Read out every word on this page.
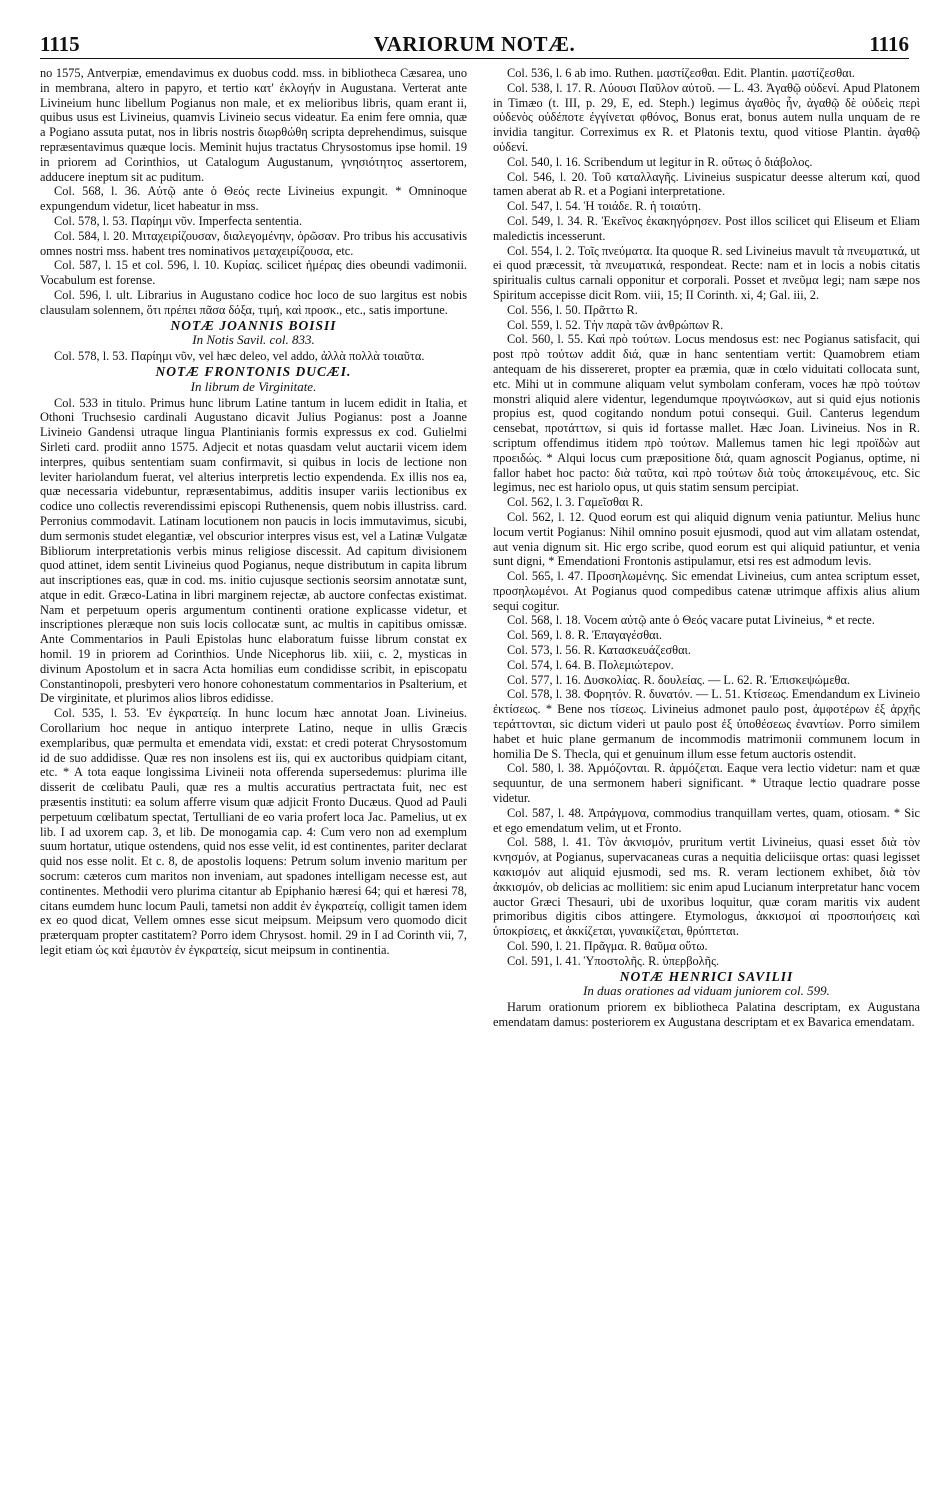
1115	VARIORUM NOTÆ.	1116

no 1575, Antverpiæ, emendavimus ex duobus codd. mss. in bibliotheca Cæsarea, uno in membrana, altero in papyro, et tertio κατ' ἐκλογήν in Augustana. Verterat ante Livineium hunc libellum Pogianus non male, et ex melioribus libris, quam erant ii, quibus usus est Livineius, quamvis Livineio secus videatur. Ea enim fere omnia, quæ a Pogiano assuta putat, nos in libris nostris διωρθώθη scripta deprehendimus, suisque repræsentavimus quæque locis. Meminit hujus tractatus Chrysostomus ipse homil. 19 in priorem ad Corinthios, ut Catalogum Augustanum, γνησιότητος assertorem, adducere ineptum sit ac puditum.

Col. 568, l. 36. Αὐτῷ ante ὁ Θεός recte Livineius expungit. * Omninoque expungendum videtur, licet habeatur in mss.

Col. 578, l. 53. Παρίημι νῦν. Imperfecta sententia.

Col. 584, l. 20. Μιταχειρίζουσαν, διαλεγομένην, ὁρῶσαν. Pro tribus his accusativis omnes nostri mss. habent tres nominativos μεταχειρίζουσα, etc.

Col. 587, l. 15 et col. 596, l. 10. Κυρίας. scilicet ἡμέρας dies obeundi vadimonii. Vocabulum est forense.

Col. 596, l. ult. Librarius in Augustano codice hoc loco de suo largitus est nobis clausulam solennem, ὅτι πρέπει πᾶσα δόξα, τιμή, καὶ προσκ., etc., satis importune.

NOTÆ JOANNIS BOISII

In Notis Savil. col. 833.

Col. 578, l. 53. Παρίημι νῦν, vel hæc deleo, vel addo, ἀλλὰ πολλὰ τοιαῦτα.

NOTÆ FRONTONIS DUCÆI.

In librum de Virginitate.

Col. 533 in titulo. Primus hunc librum Latine tantum in lucem edidit in Italia, et Othoni Truchsesio cardinali Augustano dicavit Julius Pogianus: post a Joanne Livineio Gandensi utraque lingua Plantinianis formis expressus ex cod. Gulielmi Sirleti card. prodiit anno 1575. Adjecit et notas quasdam velut auctarii vicem idem interpres, quibus sententiam suam confirmavit, si quibus in locis de lectione non leviter hariolandum fuerat, vel alterius interpretis lectio expendenda. Ex illis nos ea, quæ necessaria videbuntur, repræsentabimus, additis insuper variis lectionibus ex codice uno collectis reverendissimi episcopi Ruthenensis, quem nobis illustriss. card. Perronius commodavit. Latinam locutionem non paucis in locis immutavimus, sicubi, dum sermonis studet elegantiæ, vel obscurior interpres visus est, vel a Latinæ Vulgatæ Bibliorum interpretationis verbis minus religiose discessit. Ad capitum divisionem quod attinet, idem sentit Livineius quod Pogianus, neque distributum in capita librum aut inscriptiones eas, quæ in cod. ms. initio cujusque sectionis seorsim annotatæ sunt, atque in edit. Græco-Latina in libri marginem rejectæ, ab auctore confectas existimat. Nam et perpetuum operis argumentum continenti oratione explicasse videtur, et inscriptiones pleræque non suis locis collocatæ sunt, ac multis in capitibus omissæ. Ante Commentarios in Pauli Epistolas hunc elaboratum fuisse librum constat ex homil. 19 in priorem ad Corinthios. Unde Nicephorus lib. xiii, c. 2, mysticas in divinum Apostolum et in sacra Acta homilias eum condidisse scribit, in episcopatu Constantinopoli, presbyteri vero honore cohonestatum commentarios in Psalterium, et De virginitate, et plurimos alios libros edidisse.

Col. 535, l. 53. Ἐν ἐγκρατείᾳ. In hunc locum hæc annotat Joan. Livineius. Corollarium hoc neque in antiquo interprete Latino, neque in ullis Græcis exemplaribus, quæ permulta et emendata vidi, exstat: et credi poterat Chrysostomum id de suo addidisse. Quæ res non insolens est iis, qui ex auctoribus quidpiam citant, etc. * A tota eaque longissima Livineii nota offerenda supersedemus: plurima ille disserit de cœlibatu Pauli, quæ res a multis accuratius pertractata fuit, nec est præsentis instituti: ea solum afferre visum quæ adjicit Fronto Ducæus. Quod ad Pauli perpetuum cœlibatum spectat, Tertulliani de eo varia profert loca Jac. Pamelius, ut ex lib. I ad uxorem cap. 3, et lib. De monogamia cap. 4: Cum vero non ad exemplum suum hortatur, utique ostendens, quid nos esse velit, id est continentes, pariter declarat quid nos esse nolit. Et c. 8, de apostolis loquens: Petrum solum invenio maritum per socrum: cæteros cum maritos non inveniam, aut spadones intelligam necesse est, aut continentes. Methodii vero plurima citantur ab Epiphanio hæresi 64; qui et hæresi 78, citans eumdem hunc locum Pauli, tametsi non addit ἐν ἐγκρατείᾳ, colligit tamen idem ex eo quod dicat, Vellem omnes esse sicut meipsum. Meipsum vero quomodo dicit præterquam propter castitatem? Porro idem Chrysost. homil. 29 in I ad Corinth vii, 7, legit etiam ὡς καὶ ἐμαυτὸν ἐν ἐγκρατείᾳ, sicut meipsum in continentia.

Col. 536, l. 6 ab imo. Ruthen. μαστίζεσθαι. Edit. Plantin. μαστίζεσθαι.

Col. 538, l. 17. R. Λύουσι Παῦλον αὐτοῦ. — L. 43. Ἀγαθῷ οὐδενί. Apud Platonem in Timæo (t. III, p. 29, E, ed. Steph.) legimus ἀγαθὸς ἦν, ἀγαθῷ δὲ οὐδεὶς περὶ οὐδενὸς οὐδέποτε ἐγγίνεται φθόνος, Bonus erat, bonus autem nulla unquam de re invidia tangitur. Correximus ex R. et Platonis textu, quod vitiose Plantin. ἀγαθῷ οὐδενί.

Col. 540, l. 16. Scribendum ut legitur in R. οὕτως ὁ διάβολος.

Col. 546, l. 20. Τοῦ καταλλαγῆς. Livineius suspicatur deesse alterum καί, quod tamen aberat ab R. et a Pogiani interpretatione.

Col. 547, l. 54. Ἡ τοιάδε. R. ἡ τοιαύτη.

Col. 549, l. 34. R. Ἐκεῖνος ἐκακηγόρησεν. Post illos scilicet qui Eliseum et Eliam maledictis incesserunt.

Col. 554, l. 2. Τοῖς πνεύματα. Ita quoque R. sed Livineius mavult τὰ πνευματικά, ut ei quod præcessit, τὰ πνευματικά, respondeat. Recte: nam et in locis a nobis citatis spiritualis cultus carnali opponitur et corporali. Posset et πνεῦμα legi; nam sæpe nos Spiritum accepisse dicit Rom. viii, 15; II Corinth. xi, 4; Gal. iii, 2.

Col. 556, l. 50. Πρᾶττω R.

Col. 559, l. 52. Τὴν παρὰ τῶν ἀνθρώπων R.

Col. 560, l. 55. Καὶ πρὸ τούτων. Locus mendosus est: nec Pogianus satisfacit, qui post πρὸ τούτων addit διά, quæ in hanc sententiam vertit: Quamobrem etiam antequam de his dissereret, propter ea præmia, quæ in cœlo viduitati collocata sunt, etc. Mihi ut in commune aliquam velut symbolam conferam, voces hæ πρὸ τούτων monstri aliquid alere videntur, legendumque προγινώσκων, aut si quid ejus notionis propius est, quod cogitando nondum potui consequi. Guil. Canterus legendum censebat, προτάττων, si quis id fortasse mallet. Hæc Joan. Livineius. Nos in R. scriptum offendimus itidem πρὸ τούτων. Mallemus tamen hic legi προϊδὼν aut προειδώς. * Alqui locus cum præpositione διά, quam agnoscit Pogianus, optime, ni fallor habet hoc pacto: διὰ ταῦτα, καὶ πρὸ τούτων διὰ τοὺς ἀποκειμένους, etc. Sic legimus, nec est hariolo opus, ut quis statim sensum percipiat.

Col. 562, l. 3. Γαμεῖσθαι R.

Col. 562, l. 12. Quod eorum est qui aliquid dignum venia patiuntur. Melius hunc locum vertit Pogianus: Nihil omnino posuit ejusmodi, quod aut vim allatam ostendat, aut venia dignum sit. Hic ergo scribe, quod eorum est qui aliquid patiuntur, et venia sunt digni, * Emendationi Frontonis astipulamur, etsi res est admodum levis.

Col. 565, l. 47. Προσηλωμένης. Sic emendat Livineius, cum antea scriptum esset, προσηλωμένοι. At Pogianus quod compedibus catenæ utrimque affixis alius alium sequi cogitur.

Col. 568, l. 18. Vocem αὐτῷ ante ὁ Θεός vacare putat Livineius, * et recte.

Col. 569, l. 8. R. Ἐπαγαγέσθαι.

Col. 573, l. 56. R. Κατασκευάζεσθαι.

Col. 574, l. 64. B. Πολεμιώτερον.

Col. 577, l. 16. Δυσκολίας. R. δουλείας. — L. 62. R. Ἐπισκεψώμεθα.

Col. 578, l. 38. Φορητόν. R. δυνατόν. — L. 51. Κτίσεως. Emendandum ex Livineio ἐκτίσεως. * Bene nos τίσεως. Livineius admonet paulo post, ἀμφοτέρων ἐξ ἀρχῆς τεράττονται, sic dictum videri ut paulo post ἐξ ὑποθέσεως ἐναντίων. Porro similem habet et huic plane germanum de incommodis matrimonii communem locum in homilia De S. Thecla, qui et genuinum illum esse fetum auctoris ostendit.

Col. 580, l. 38. Ἁρμόζονται. R. ἁρμόζεται. Eaque vera lectio videtur: nam et quæ sequuntur, de una sermonem haberi significant. * Utraque lectio quadrare posse videtur.

Col. 587, l. 48. Ἀπράγμονα, commodius tranquillam vertes, quam, otiosam. * Sic et ego emendatum velim, ut et Fronto.

Col. 588, l. 41. Τὸν ἀκνισμόν, pruritum vertit Livineius, quasi esset διὰ τὸν κνησμόν, at Pogianus, supervacaneas curas a nequitia deliciisque ortas: quasi legisset κακισμόν aut aliquid ejusmodi, sed ms. R. veram lectionem exhibet, διὰ τὸν ἀκκισμόν, ob delicias ac mollitiem: sic enim apud Lucianum interpretatur hanc vocem auctor Græci Thesauri, ubi de uxoribus loquitur, quæ coram maritis vix audent primoribus digitis cibos attingere. Etymologus, ἀκκισμοί αἱ προσποιήσεις καὶ ὑποκρίσεις, et ἀκκίζεται, γυναικίζεται, θρύπτεται.

Col. 590, l. 21. Πρᾶγμα. R. θαῦμα οὕτω.

Col. 591, l. 41. Ὑποστολῆς. R. ὑπερβολῆς.

NOTÆ HENRICI SAVILII

In duas orationes ad viduam juniorem col. 599.

Harum orationum priorem ex bibliotheca Palatina descriptam, ex Augustana emendatam damus: posteriorem ex Augustana descriptam et ex Bavarica emendatam.
